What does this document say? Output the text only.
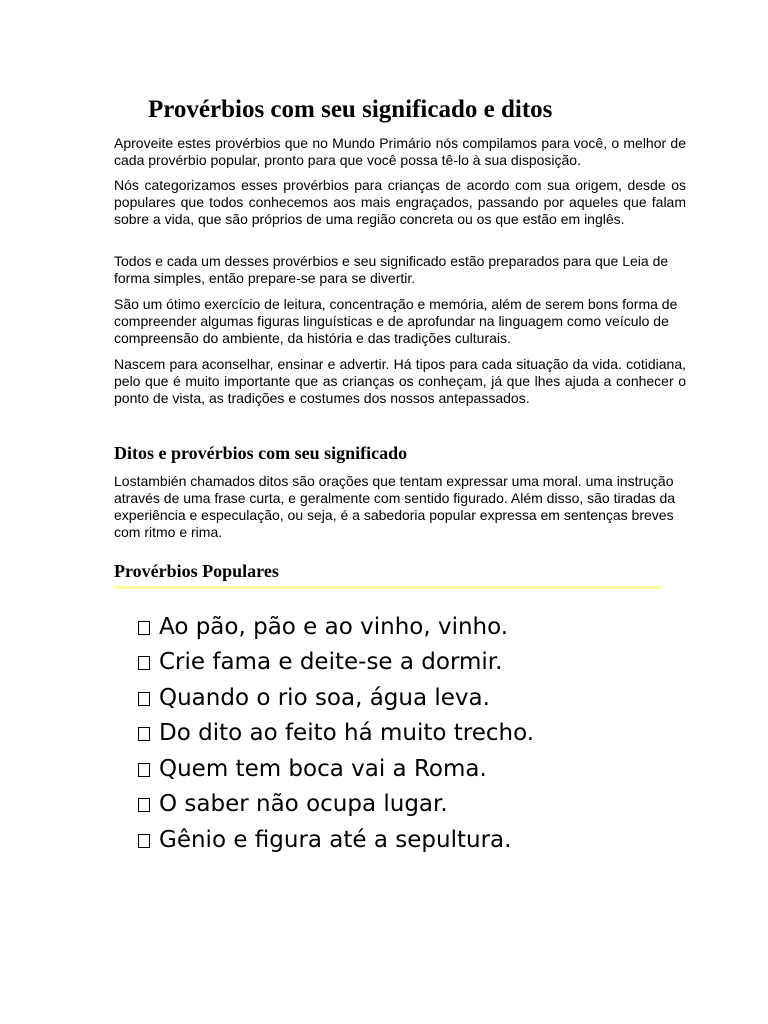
Provérbios com seu significado e ditos

Aproveite estes provérbios que no Mundo Primário nós compilamos para você, o melhor de cada provérbio popular, pronto para que você possa tê-lo à sua disposição.

Nós categorizamos esses provérbios para crianças de acordo com sua origem, desde os populares que todos conhecemos aos mais engraçados, passando por aqueles que falam sobre a vida, que são próprios de uma região concreta ou os que estão em inglês.

Todos e cada um desses provérbios e seu significado estão preparados para que Leia de forma simples, então prepare-se para se divertir.

São um ótimo exercício de leitura, concentração e memória, além de serem bons forma de compreender algumas figuras linguísticas e de aprofundar na linguagem como veículo de compreensão do ambiente, da história e das tradições culturais.

Nascem para aconselhar, ensinar e advertir. Há tipos para cada situação da vida. cotidiana, pelo que é muito importante que as crianças os conheçam, já que lhes ajuda a conhecer o ponto de vista, as tradições e costumes dos nossos antepassados.

Ditos e provérbios com seu significado

Lostambién chamados ditos são orações que tentam expressar uma moral. uma instrução através de uma frase curta, e geralmente com sentido figurado. Além disso, são tiradas da experiência e especulação, ou seja, é a sabedoria popular expressa em sentenças breves com ritmo e rima.

Provérbios Populares
Ao pão, pão e ao vinho, vinho.
Crie fama e deite-se a dormir.
Quando o rio soa, água leva.
Do dito ao feito há muito trecho.
Quem tem boca vai a Roma.
O saber não ocupa lugar.
Gênio e figura até a sepultura.
